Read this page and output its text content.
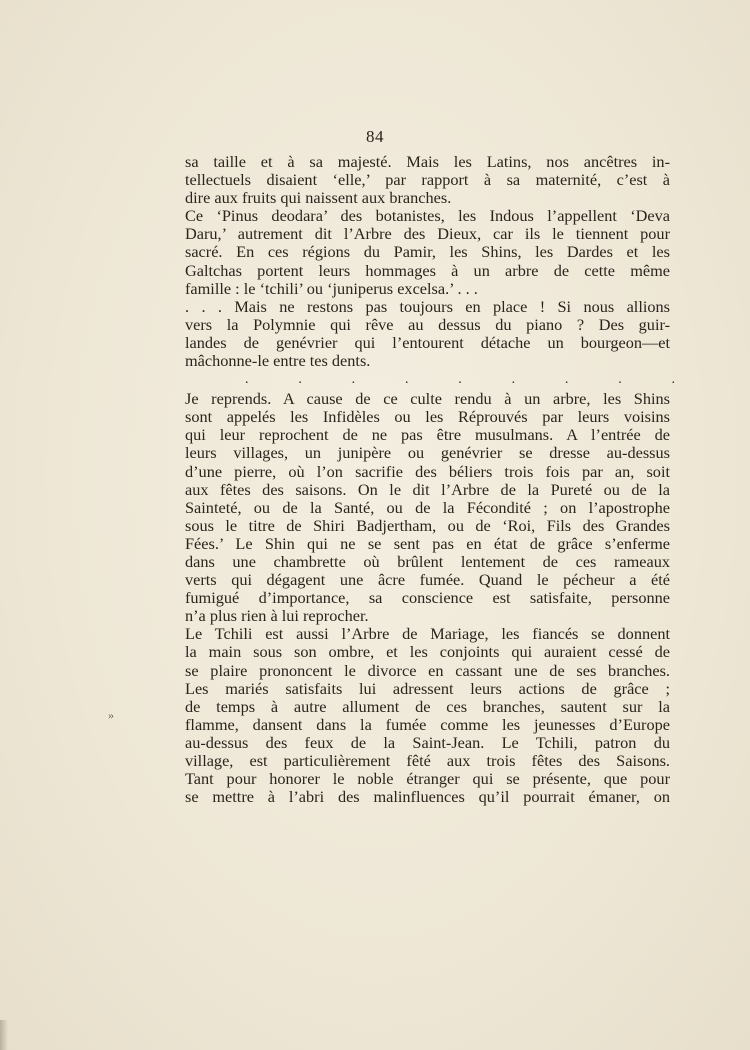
84
sa taille et à sa majesté. Mais les Latins, nos ancêtres in-
tellectuels disaient ‘elle,’ par rapport à sa maternité, c’est à
dire aux fruits qui naissent aux branches.
Ce ‘Pinus deodara’ des botanistes, les Indous l’appellent ‘Deva
Daru,’ autrement dit l’Arbre des Dieux, car ils le tiennent pour
sacré. En ces régions du Pamir, les Shins, les Dardes et les
Galtchas portent leurs hommages à un arbre de cette même
famille : le ‘tchili’ ou ‘juniperus excelsa.’ . . .
. . . Mais ne restons pas toujours en place ! Si nous allions
vers la Polymnie qui rêve au dessus du piano ? Des guir-
landes de genévrier qui l’entourent détache un bourgeon—et
mâchonne-le entre tes dents.
.	.	.	.	.	.	.	.	.
Je reprends. A cause de ce culte rendu à un arbre, les Shins
sont appelés les Infidèles ou les Réprouvés par leurs voisins
qui leur reprochent de ne pas être musulmans. A l’entrée de
leurs villages, un junipère ou genévrier se dresse au-dessus
d’une pierre, où l’on sacrifie des béliers trois fois par an, soit
aux fêtes des saisons. On le dit l’Arbre de la Pureté ou de la
Sainteté, ou de la Santé, ou de la Fécondité ; on l’apostrophe
sous le titre de Shiri Badjertham, ou de ‘Roi, Fils des Grandes
Fées.’ Le Shin qui ne se sent pas en état de grâce s’enferme
dans une chambrette où brûlent lentement de ces rameaux
verts qui dégagent une âcre fumée. Quand le pécheur a été
fumigué d’importance, sa conscience est satisfaite, personne
n’a plus rien à lui reprocher.
Le Tchili est aussi l’Arbre de Mariage, les fiancés se donnent
la main sous son ombre, et les conjoints qui auraient cessé de
se plaire prononcent le divorce en cassant une de ses branches.
Les mariés satisfaits lui adressent leurs actions de grâce ;
de temps à autre allument de ces branches, sautent sur la
flamme, dansent dans la fumée comme les jeunesses d’Europe
au-dessus des feux de la Saint-Jean. Le Tchili, patron du
village, est particulièrement fêté aux trois fêtes des Saisons.
Tant pour honorer le noble étranger qui se présente, que pour
se mettre à l’abri des malinfluences qu’il pourrait émaner, on
»
